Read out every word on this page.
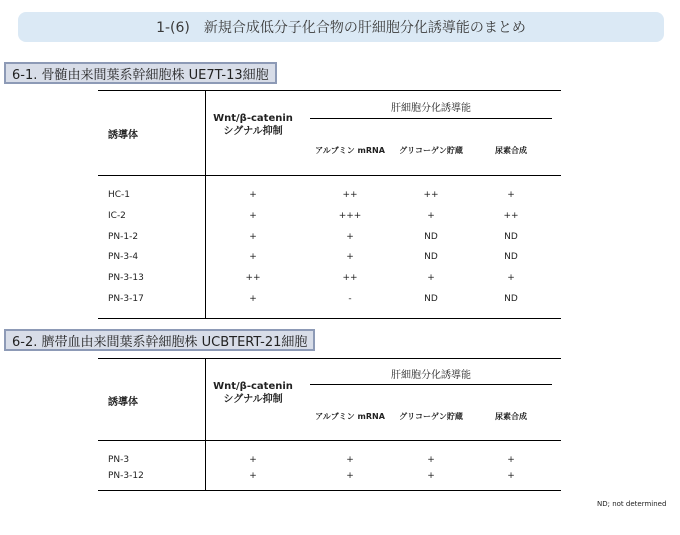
1-(6)　新規合成低分子化合物の肝細胞分化誘導能のまとめ
6-1. 骨髄由来間葉系幹細胞株 UE7T-13細胞
誘導体
Wnt/β-catenin
シグナル抑制
肝細胞分化誘導能
アルブミン mRNA グリコーゲン貯蔵	尿素合成
HC-1	+	++	++	+
IC-2	+	+++	+	++
PN-1-2	+	+	ND	ND
PN-3-4	+	+	ND	ND
PN-3-13	++	++	+	+
PN-3-17	+	-	ND	ND
6-2. 臍帯血由来間葉系幹細胞株 UCBTERT-21細胞
誘導体
Wnt/β-catenin
シグナル抑制
肝細胞分化誘導能
アルブミン mRNA グリコーゲン貯蔵	尿素合成
PN-3	+	+	+	+
PN-3-12	+	+	+	+
ND; not determined
